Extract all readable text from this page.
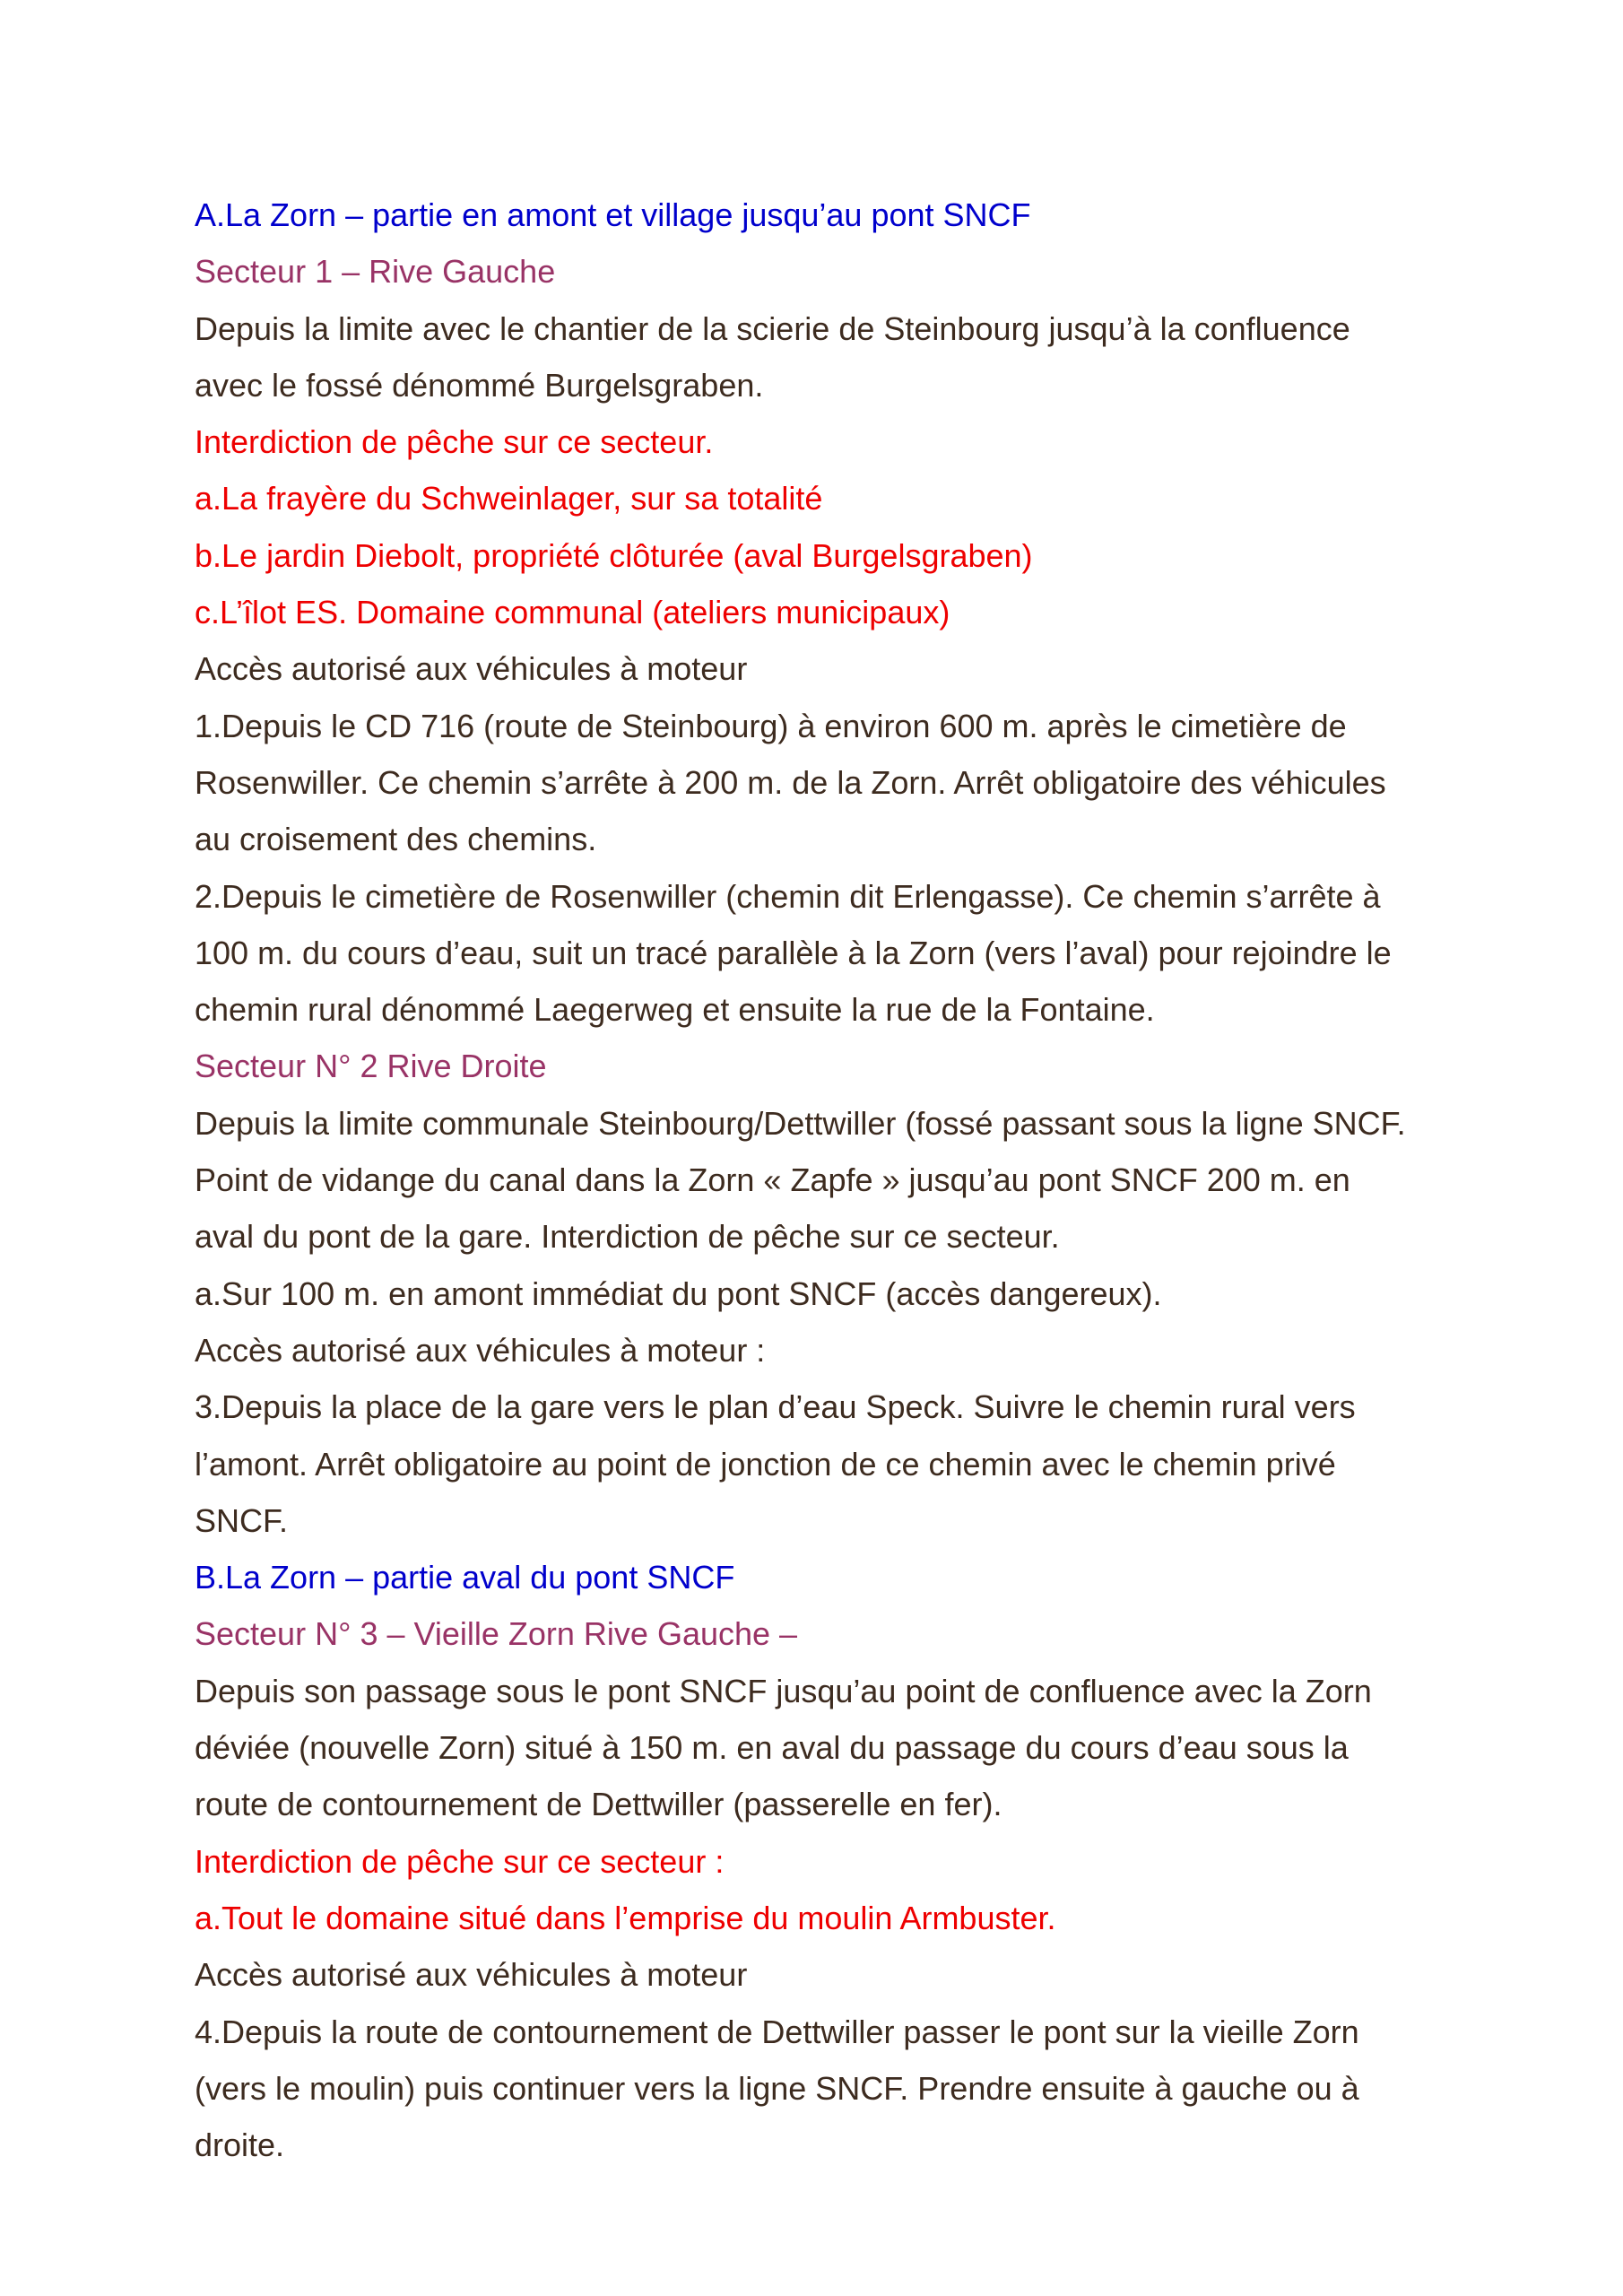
A.La Zorn – partie en amont et village jusqu’au pont SNCF

Secteur 1 – Rive Gauche

Depuis la limite avec le chantier de la scierie de Steinbourg jusqu’à la confluence

avec le fossé dénommé Burgelsgraben.

Interdiction de pêche sur ce secteur.

a.La frayère du Schweinlager, sur sa totalité

b.Le jardin Diebolt, propriété clôturée (aval Burgelsgraben)

c.L’îlot ES. Domaine communal (ateliers municipaux)

Accès autorisé aux véhicules à moteur

1.Depuis le CD 716 (route de Steinbourg) à environ 600 m. après le cimetière de

Rosenwiller. Ce chemin s’arrête à 200 m. de la Zorn. Arrêt obligatoire des véhicules

au croisement des chemins.

2.Depuis le cimetière de Rosenwiller (chemin dit Erlengasse). Ce chemin s’arrête à

100 m. du cours d’eau, suit un tracé parallèle à la Zorn (vers l’aval) pour rejoindre le

chemin rural dénommé Laegerweg et ensuite la rue de la Fontaine.

Secteur N° 2 Rive Droite

Depuis la limite communale Steinbourg/Dettwiller (fossé passant sous la ligne SNCF.

Point de vidange du canal dans la Zorn « Zapfe » jusqu’au pont SNCF 200 m. en

aval du pont de la gare. Interdiction de pêche sur ce secteur.

a.Sur 100 m. en amont immédiat du pont SNCF (accès dangereux).

Accès autorisé aux véhicules à moteur :

3.Depuis la place de la gare vers le plan d’eau Speck. Suivre le chemin rural vers

l’amont. Arrêt obligatoire au point de jonction de ce chemin avec le chemin privé

SNCF.

B.La Zorn – partie aval du pont SNCF

Secteur N° 3 – Vieille Zorn Rive Gauche –

Depuis son passage sous le pont SNCF jusqu’au point de confluence avec la Zorn

déviée (nouvelle Zorn) situé à 150 m. en aval du passage du cours d’eau sous la

route de contournement de Dettwiller (passerelle en fer).

Interdiction de pêche sur ce secteur :

a.Tout le domaine situé dans l’emprise du moulin Armbuster.

Accès autorisé aux véhicules à moteur

4.Depuis la route de contournement de Dettwiller passer le pont sur la vieille Zorn

(vers le moulin) puis continuer vers la ligne SNCF. Prendre ensuite à gauche ou à

droite.
